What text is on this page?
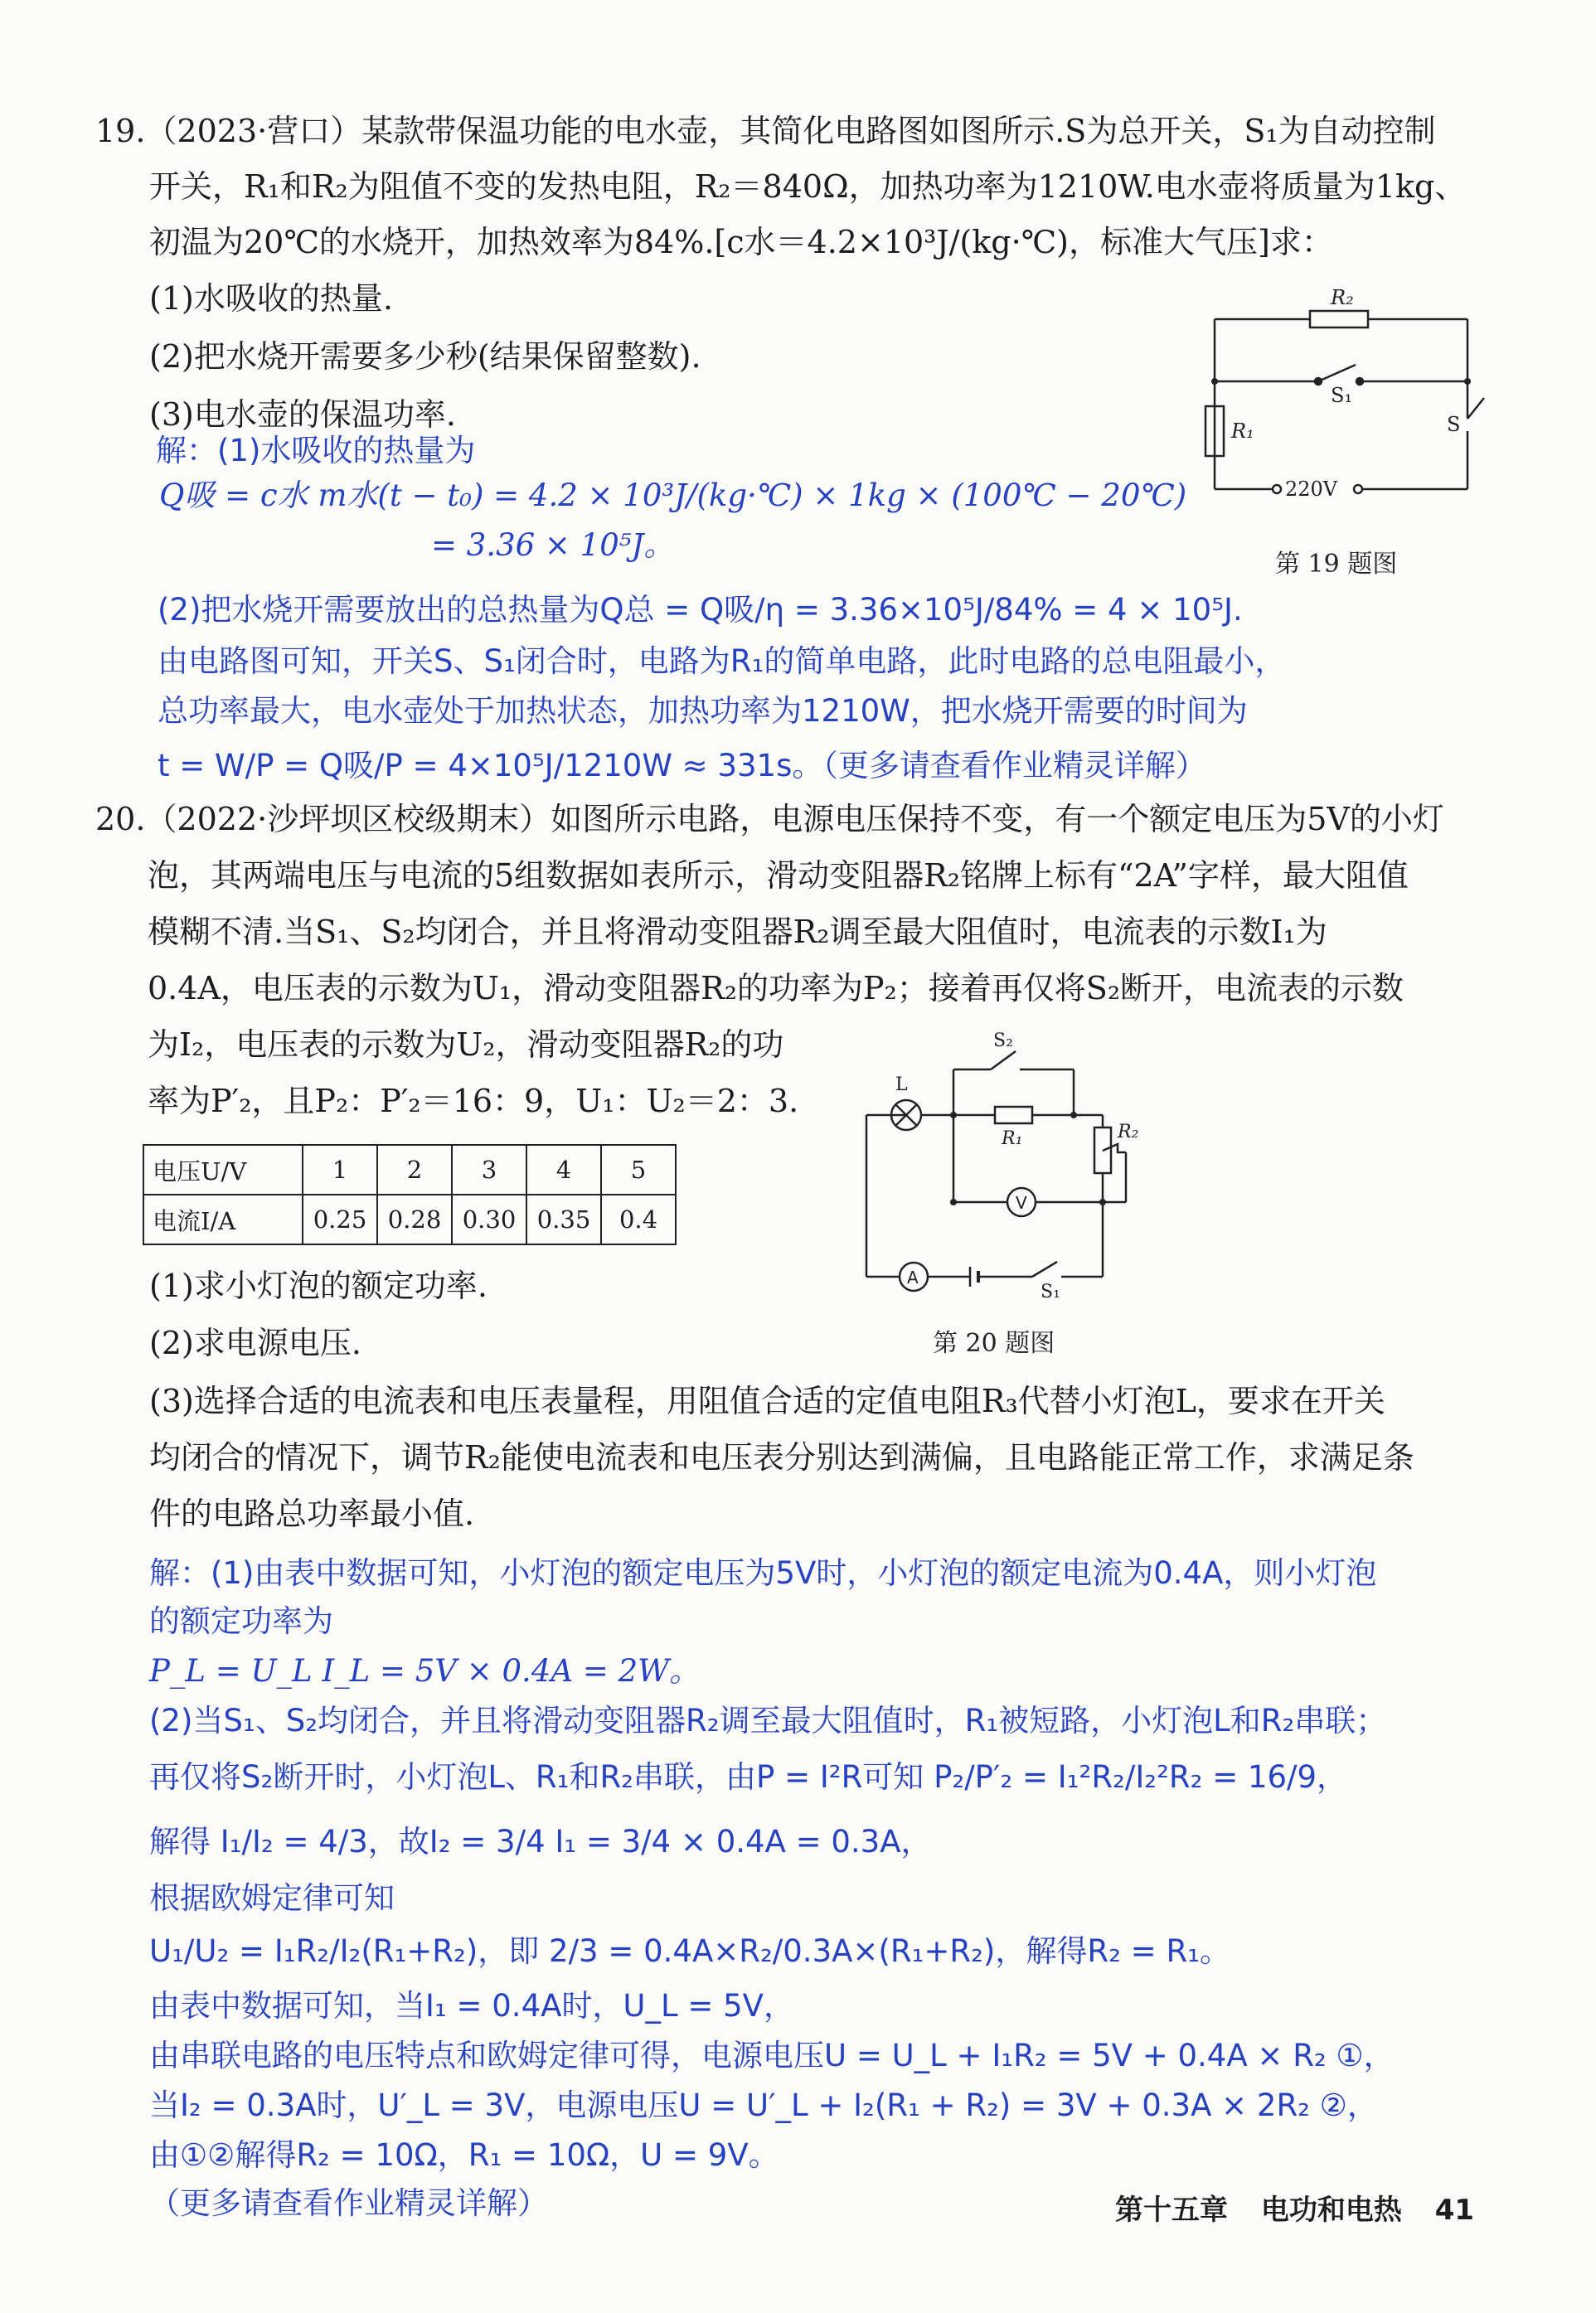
19.（2023·营口）某款带保温功能的电水壶，其简化电路图如图所示.S为总开关，S₁为自动控制
开关，R₁和R₂为阻值不变的发热电阻，R₂＝840Ω，加热功率为1210W.电水壶将质量为1kg、
初温为20℃的水烧开，加热效率为84%.[c水＝4.2×10³J/(kg·℃)，标准大气压]求：
(1)水吸收的热量.
(2)把水烧开需要多少秒(结果保留整数).
(3)电水壶的保温功率.
解：(1)水吸收的热量为
Q吸 = c水 m水(t − t₀) = 4.2 × 10³J/(kg·℃) × 1kg × (100℃ − 20℃)
= 3.36 × 10⁵J。
(2)把水烧开需要放出的总热量为Q总 = Q吸/η = 3.36×10⁵J/84% = 4 × 10⁵J.
由电路图可知，开关S、S₁闭合时，电路为R₁的简单电路，此时电路的总电阻最小，
总功率最大，电水壶处于加热状态，加热功率为1210W，把水烧开需要的时间为
t = W/P = Q吸/P = 4×10⁵J/1210W ≈ 331s。（更多请查看作业精灵详解）
R₂
R₁
S₁
S
220V
第 19 题图
20.（2022·沙坪坝区校级期末）如图所示电路，电源电压保持不变，有一个额定电压为5V的小灯
泡，其两端电压与电流的5组数据如表所示，滑动变阻器R₂铭牌上标有“2A”字样，最大阻值
模糊不清.当S₁、S₂均闭合，并且将滑动变阻器R₂调至最大阻值时，电流表的示数I₁为
0.4A，电压表的示数为U₁，滑动变阻器R₂的功率为P₂；接着再仅将S₂断开，电流表的示数
为I₂，电压表的示数为U₂，滑动变阻器R₂的功
率为P′₂，且P₂：P′₂＝16：9，U₁：U₂＝2：3.
电压U/V	1	2	3	4	5
电流I/A	0.25	0.28	0.30	0.35	0.4
S₂
L
R₁	R₂
V
A
S₁
第 20 题图
(1)求小灯泡的额定功率.
(2)求电源电压.
(3)选择合适的电流表和电压表量程，用阻值合适的定值电阻R₃代替小灯泡L，要求在开关
均闭合的情况下，调节R₂能使电流表和电压表分别达到满偏，且电路能正常工作，求满足条
件的电路总功率最小值.
解：(1)由表中数据可知，小灯泡的额定电压为5V时，小灯泡的额定电流为0.4A，则小灯泡
的额定功率为
P_L = U_L I_L = 5V × 0.4A = 2W。
(2)当S₁、S₂均闭合，并且将滑动变阻器R₂调至最大阻值时，R₁被短路，小灯泡L和R₂串联；
再仅将S₂断开时，小灯泡L、R₁和R₂串联，由P = I²R可知 P₂/P′₂ = I₁²R₂/I₂²R₂ = 16/9，
解得 I₁/I₂ = 4/3，故I₂ = 3/4 I₁ = 3/4 × 0.4A = 0.3A，
根据欧姆定律可知
U₁/U₂ = I₁R₂/I₂(R₁+R₂)，即 2/3 = 0.4A×R₂/0.3A×(R₁+R₂)，解得R₂ = R₁。
由表中数据可知，当I₁ = 0.4A时，U_L = 5V，
由串联电路的电压特点和欧姆定律可得，电源电压U = U_L + I₁R₂ = 5V + 0.4A × R₂ ①，
当I₂ = 0.3A时，U′_L = 3V，电源电压U = U′_L + I₂(R₁ + R₂) = 3V + 0.3A × 2R₂ ②，
由①②解得R₂ = 10Ω，R₁ = 10Ω，U = 9V。
（更多请查看作业精灵详解）	第十五章 电功和电热 41
